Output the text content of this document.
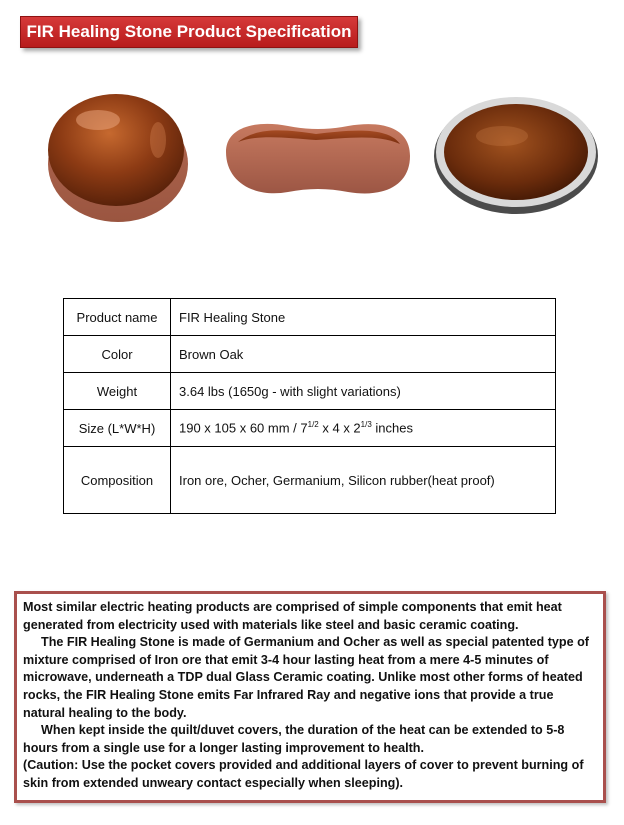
FIR Healing Stone Product Specification
Product name	FIR Healing Stone
Color	Brown Oak
Weight	3.64 lbs (1650g - with slight variations)
Size (L*W*H)	190 x 105 x 60 mm / $7^{1/2}$ x 4 x $2^{1/3}$ inches
Composition	Iron ore, Ocher, Germanium, Silicon rubber(heat proof)

Most similar electric heating products are comprised of simple components that emit heat generated from electricity used with materials like steel and basic ceramic coating.

The FIR Healing Stone is made of Germanium and Ocher as well as special patented type of mixture comprised of Iron ore that emit 3-4 hour lasting heat from a mere 4-5 minutes of microwave, underneath a TDP dual Glass Ceramic coating. Unlike most other forms of heated rocks, the FIR Healing Stone emits Far Infrared Ray and negative ions that provide a true natural healing to the body.

When kept inside the quilt/duvet covers, the duration of the heat can be extended to 5-8 hours from a single use for a longer lasting improvement to health.

(Caution: Use the pocket covers provided and additional layers of cover to prevent burning of skin from extended unweary contact especially when sleeping).
